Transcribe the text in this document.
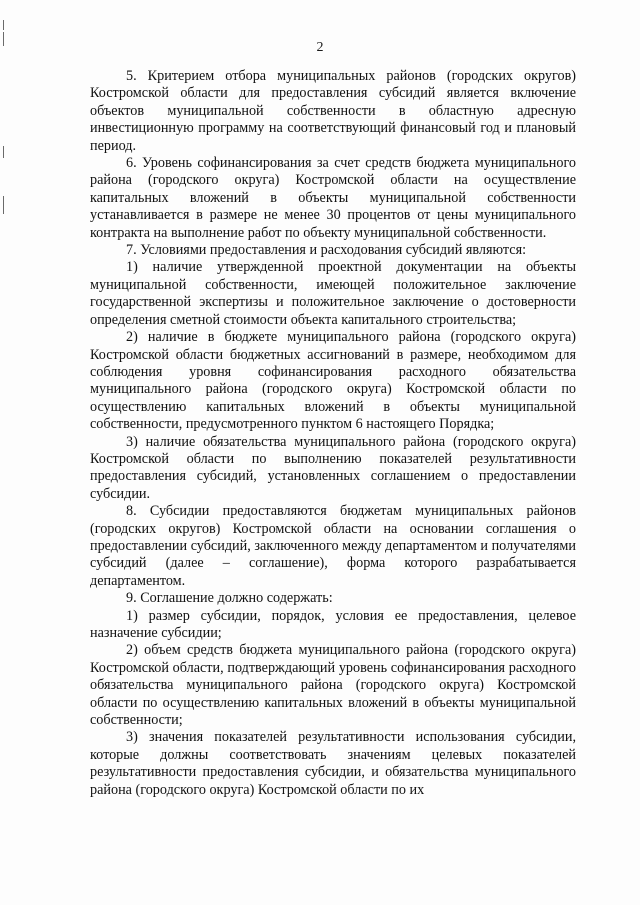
2

5. Критерием отбора муниципальных районов (городских округов) Костромской области для предоставления субсидий является включение объектов муниципальной собственности в областную адресную инвестиционную программу на соответствующий финансовый год и плановый период.

6. Уровень софинансирования за счет средств бюджета муниципального района (городского округа) Костромской области на осуществление капитальных вложений в объекты муниципальной собственности устанавливается в размере не менее 30 процентов от цены муниципального контракта на выполнение работ по объекту муниципальной собственности.

7. Условиями предоставления и расходования субсидий являются:

1) наличие утвержденной проектной документации на объекты муниципальной собственности, имеющей положительное заключение государственной экспертизы и положительное заключение о достоверности определения сметной стоимости объекта капитального строительства;

2) наличие в бюджете муниципального района (городского округа) Костромской области бюджетных ассигнований в размере, необходимом для соблюдения уровня софинансирования расходного обязательства муниципального района (городского округа) Костромской области по осуществлению капитальных вложений в объекты муниципальной собственности, предусмотренного пунктом 6 настоящего Порядка;

3) наличие обязательства муниципального района (городского округа) Костромской области по выполнению показателей результативности предоставления субсидий, установленных соглашением о предоставлении субсидии.

8. Субсидии предоставляются бюджетам муниципальных районов (городских округов) Костромской области на основании соглашения о предоставлении субсидий, заключенного между департаментом и получателями субсидий (далее – соглашение), форма которого разрабатывается департаментом.

9. Соглашение должно содержать:

1) размер субсидии, порядок, условия ее предоставления, целевое назначение субсидии;

2) объем средств бюджета муниципального района (городского округа) Костромской области, подтверждающий уровень софинансирования расходного обязательства муниципального района (городского округа) Костромской области по осуществлению капитальных вложений в объекты муниципальной собственности;

3) значения показателей результативности использования субсидии, которые должны соответствовать значениям целевых показателей результативности предоставления субсидии, и обязательства муниципального района (городского округа) Костромской области по их
